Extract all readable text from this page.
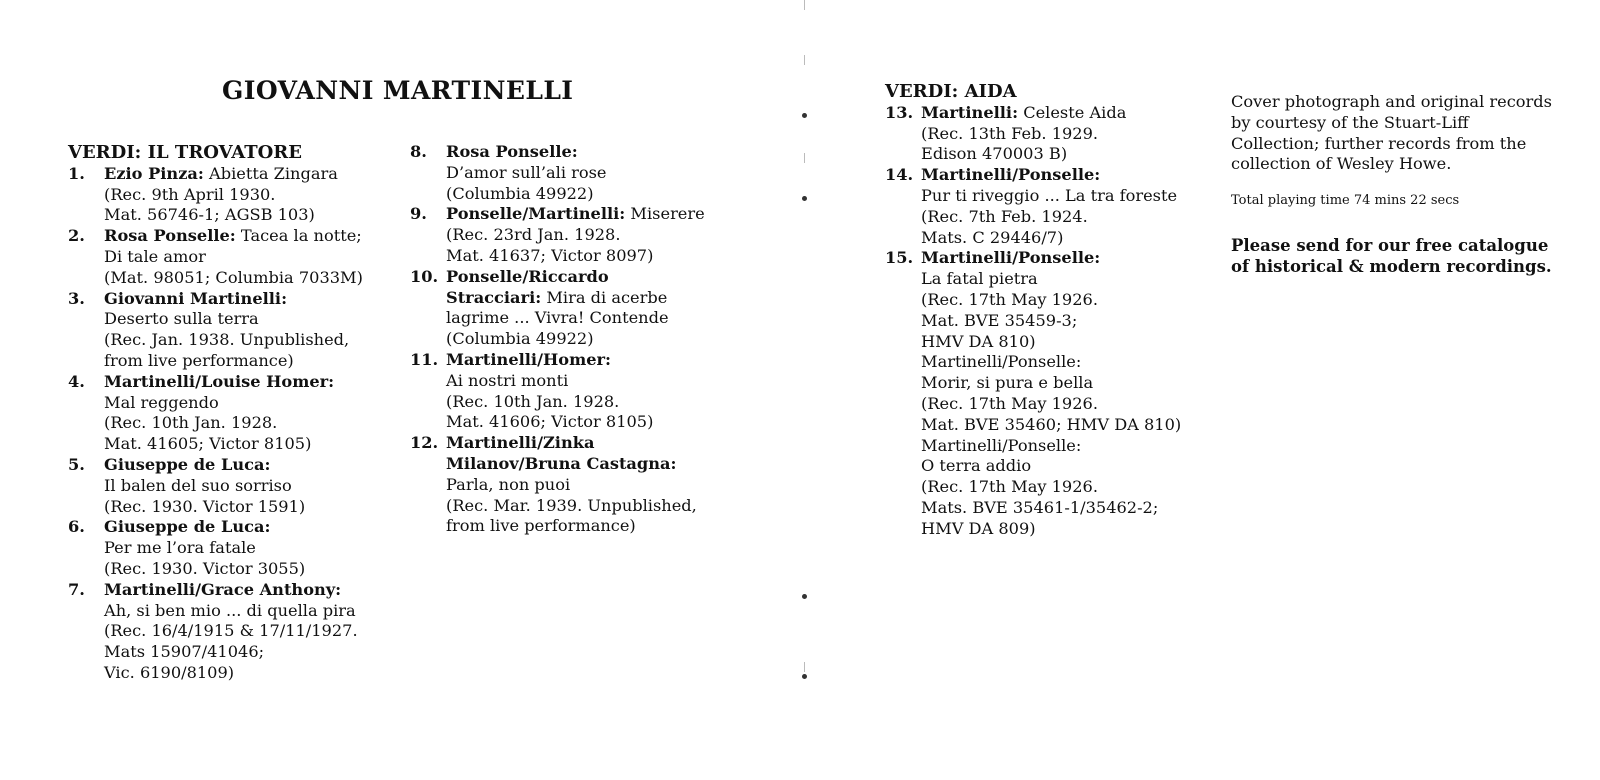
GIOVANNI MARTINELLI
VERDI: IL TROVATORE
1. Ezio Pinza: Abietta Zingara
(Rec. 9th April 1930.
Mat. 56746-1; AGSB 103)
2. Rosa Ponselle: Tacea la notte;
Di tale amor
(Mat. 98051; Columbia 7033M)
3. Giovanni Martinelli:
Deserto sulla terra
(Rec. Jan. 1938. Unpublished,
from live performance)
4. Martinelli/Louise Homer:
Mal reggendo
(Rec. 10th Jan. 1928.
Mat. 41605; Victor 8105)
5. Giuseppe de Luca:
Il balen del suo sorriso
(Rec. 1930. Victor 1591)
6. Giuseppe de Luca:
Per me l’ora fatale
(Rec. 1930. Victor 3055)
7. Martinelli/Grace Anthony:
Ah, si ben mio ... di quella pira
(Rec. 16/4/1915 & 17/11/1927.
Mats 15907/41046;
Vic. 6190/8109)
8. Rosa Ponselle:
D’amor sull’ali rose
(Columbia 49922)
9. Ponselle/Martinelli: Miserere
(Rec. 23rd Jan. 1928.
Mat. 41637; Victor 8097)
10. Ponselle/Riccardo
Stracciari: Mira di acerbe
lagrime ... Vivra! Contende
(Columbia 49922)
11. Martinelli/Homer:
Ai nostri monti
(Rec. 10th Jan. 1928.
Mat. 41606; Victor 8105)
12. Martinelli/Zinka
Milanov/Bruna Castagna:
Parla, non puoi
(Rec. Mar. 1939. Unpublished,
from live performance)
VERDI: AIDA
13. Martinelli: Celeste Aida
(Rec. 13th Feb. 1929.
Edison 470003 B)
14. Martinelli/Ponselle:
Pur ti riveggio ... La tra foreste
(Rec. 7th Feb. 1924.
Mats. C 29446/7)
15. Martinelli/Ponselle:
La fatal pietra
(Rec. 17th May 1926.
Mat. BVE 35459-3;
HMV DA 810)
Martinelli/Ponselle:
Morir, si pura e bella
(Rec. 17th May 1926.
Mat. BVE 35460; HMV DA 810)
Martinelli/Ponselle:
O terra addio
(Rec. 17th May 1926.
Mats. BVE 35461-1/35462-2;
HMV DA 809)
Cover photograph and original records by courtesy of the Stuart-Liff Collection; further records from the collection of Wesley Howe.
Total playing time 74 mins 22 secs
Please send for our free catalogue of historical & modern recordings.
